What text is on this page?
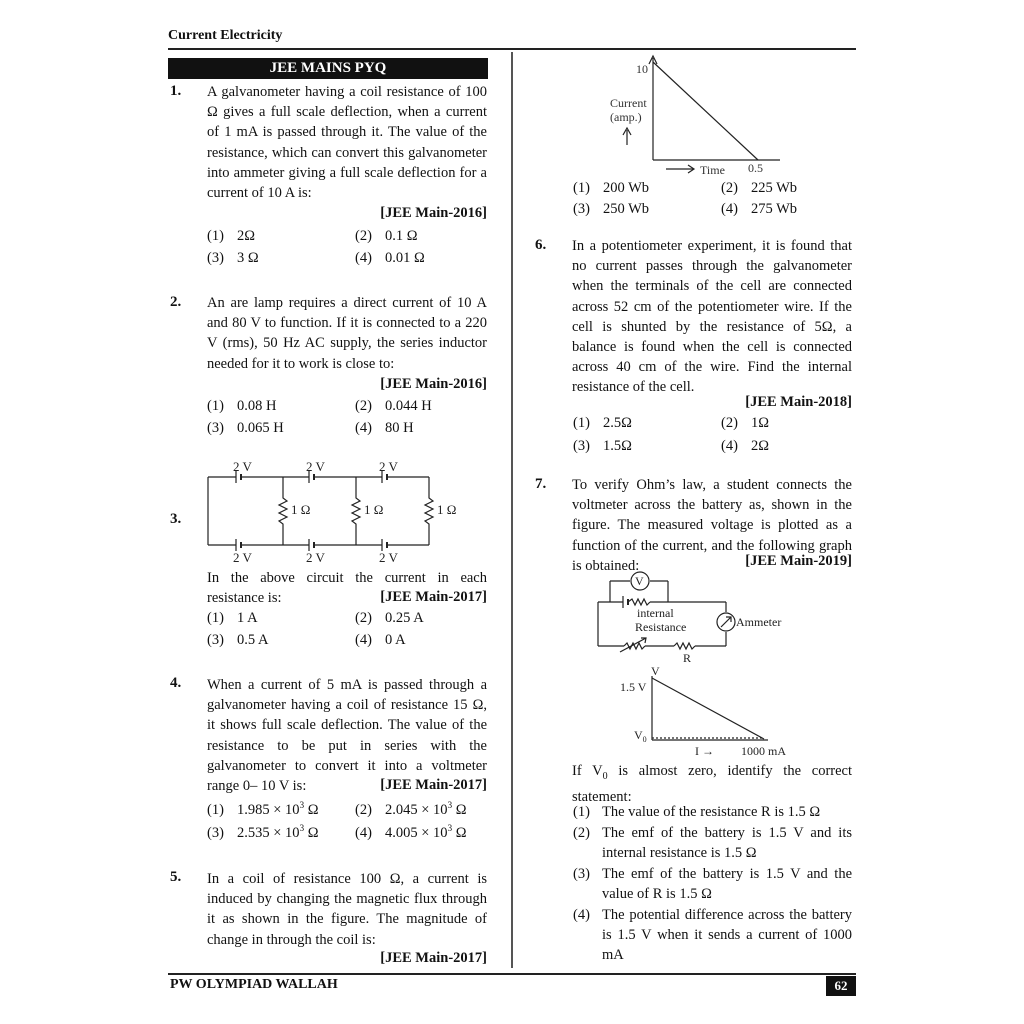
Current Electricity
PW OLYMPIAD WALLAH	62
JEE MAINS PYQ
1. A galvanometer having a coil resistance of 100 Ω gives a full scale deflection, when a current of 1 mA is passed through it. The value of the resistance, which can convert this galvanometer into ammeter giving a full scale deflection for a current of 10 A is:
[JEE Main-2016]
(1) 2Ω	(2) 0.1 Ω
(3) 3 Ω	(4) 0.01 Ω
2. An are lamp requires a direct current of 10 A and 80 V to function. If it is connected to a 220 V (rms), 50 Hz AC supply, the series inductor needed for it to work is close to:
[JEE Main-2016]
(1) 0.08 H	(2) 0.044 H
(3) 0.065 H	(4) 80 H
3.
2 V	2 V	2 V
2 V	2 V	2 V
1 Ω	1 Ω	1 Ω
In the above circuit the current in each resistance is:	[JEE Main-2017]
(1) 1 A	(2) 0.25 A
(3) 0.5 A	(4) 0 A
4. When a current of 5 mA is passed through a galvanometer having a coil of resistance 15 Ω, it shows full scale deflection. The value of the resistance to be put in series with the galvanometer to convert it into a voltmeter range 0– 10 V is:	[JEE Main-2017]
(1) $1.985 \times 10^3$ Ω	(2) $2.045 \times 10^3$ Ω
(3) $2.535 \times 10^3$ Ω	(4) $4.005 \times 10^3$ Ω
5. In a coil of resistance 100 Ω, a current is induced by changing the magnetic flux through it as shown in the figure. The magnitude of change in through the coil is:
[JEE Main-2017]
10
Current
(amp.)
Time 0.5
(1) 200 Wb	(2) 225 Wb
(3) 250 Wb	(4) 275 Wb
6. In a potentiometer experiment, it is found that no current passes through the galvanometer when the terminals of the cell are connected across 52 cm of the potentiometer wire. If the cell is shunted by the resistance of 5Ω, a balance is found when the cell is connected across 40 cm of the wire. Find the internal resistance of the cell.
[JEE Main-2018]
(1) 2.5Ω	(2) 1Ω
(3) 1.5Ω	(4) 2Ω
7. To verify Ohm’s law, a student connects the voltmeter across the battery as, shown in the figure. The measured voltage is plotted as a function of the current, and the following graph is obtained:	[JEE Main-2019]
V
internal
Resistance	Ammeter
R
V
1.5 V
$V_0$
I → 1000 mA
If $V_0$ is almost zero, identify the correct statement:
(1) The value of the resistance R is 1.5 Ω
(2) The emf of the battery is 1.5 V and its internal resistance is 1.5 Ω
(3) The emf of the battery is 1.5 V and the value of R is 1.5 Ω
(4) The potential difference across the battery is 1.5 V when it sends a current of 1000 mA
